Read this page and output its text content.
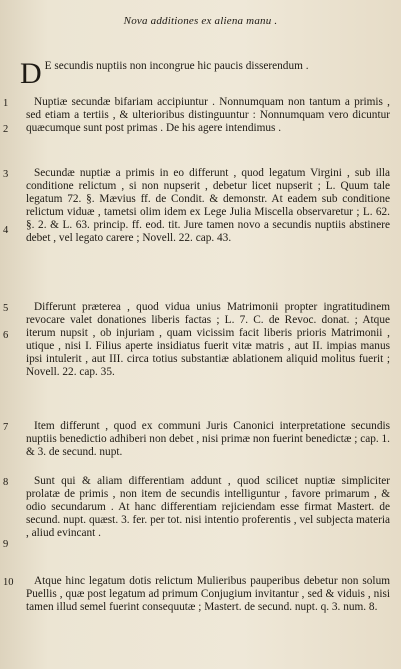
Nova additiones ex aliena manu .
D E secundis nuptiis non incongrue hic paucis disserendum .
1
2
Nuptiæ secundæ bifariam accipiuntur . Nonnumquam non tantum a primis , sed etiam a tertiis , & ulterioribus distinguuntur : Nonnumquam vero dicuntur quæcumque sunt post primas . De his agere intendimus .
3
4
Secundæ nuptiæ a primis in eo differunt , quod legatum Virgini , sub illa conditione relictum , si non nupserit , debetur licet nupserit ; L. Quum tale legatum 72. §. Mævius ff. de Condit. & demonstr. At eadem sub conditione relictum viduæ , tametsi olim idem ex Lege Julia Miscella observaretur ; L. 62. §. 2. & L. 63. princip. ff. eod. tit. Jure tamen novo a secundis nuptiis abstinere debet , vel legato carere ; Novell. 22. cap. 43.
5
6
Differunt præterea , quod vidua unius Matrimonii propter ingratitudinem revocare valet donationes liberis factas ; L. 7. C. de Revoc. donat. ; Atque iterum nupsit , ob injuriam , quam vicissim facit liberis prioris Matrimonii , utique , nisi I. Filius aperte insidiatus fuerit vitæ matris , aut II. impias manus ipsi intulerit , aut III. circa totius substantiæ ablationem aliquid molitus fuerit ; Novell. 22. cap. 35.
7	Item differunt , quod ex communi Juris Canonici interpretatione secundis nuptiis benedictio adhiberi non debet , nisi primæ non fuerint benedictæ ; cap. 1. & 3. de secund. nupt.
8
9
Sunt qui & aliam differentiam addunt , quod scilicet nuptiæ simpliciter prolatæ de primis , non item de secundis intelliguntur , favore primarum , & odio secundarum . At hanc differentiam rejiciendam esse firmat Mastert. de secund. nupt. quæst. 3. fer. per tot. nisi intentio proferentis , vel subjecta materia , aliud evincant .
10	Atque hinc legatum dotis relictum Mulieribus pauperibus debetur non solum Puellis , quæ post legatum ad primum Conjugium invitantur , sed & viduis , nisi tamen illud semel fuerint consequutæ ; Mastert. de secund. nupt. q. 3. num. 8.
